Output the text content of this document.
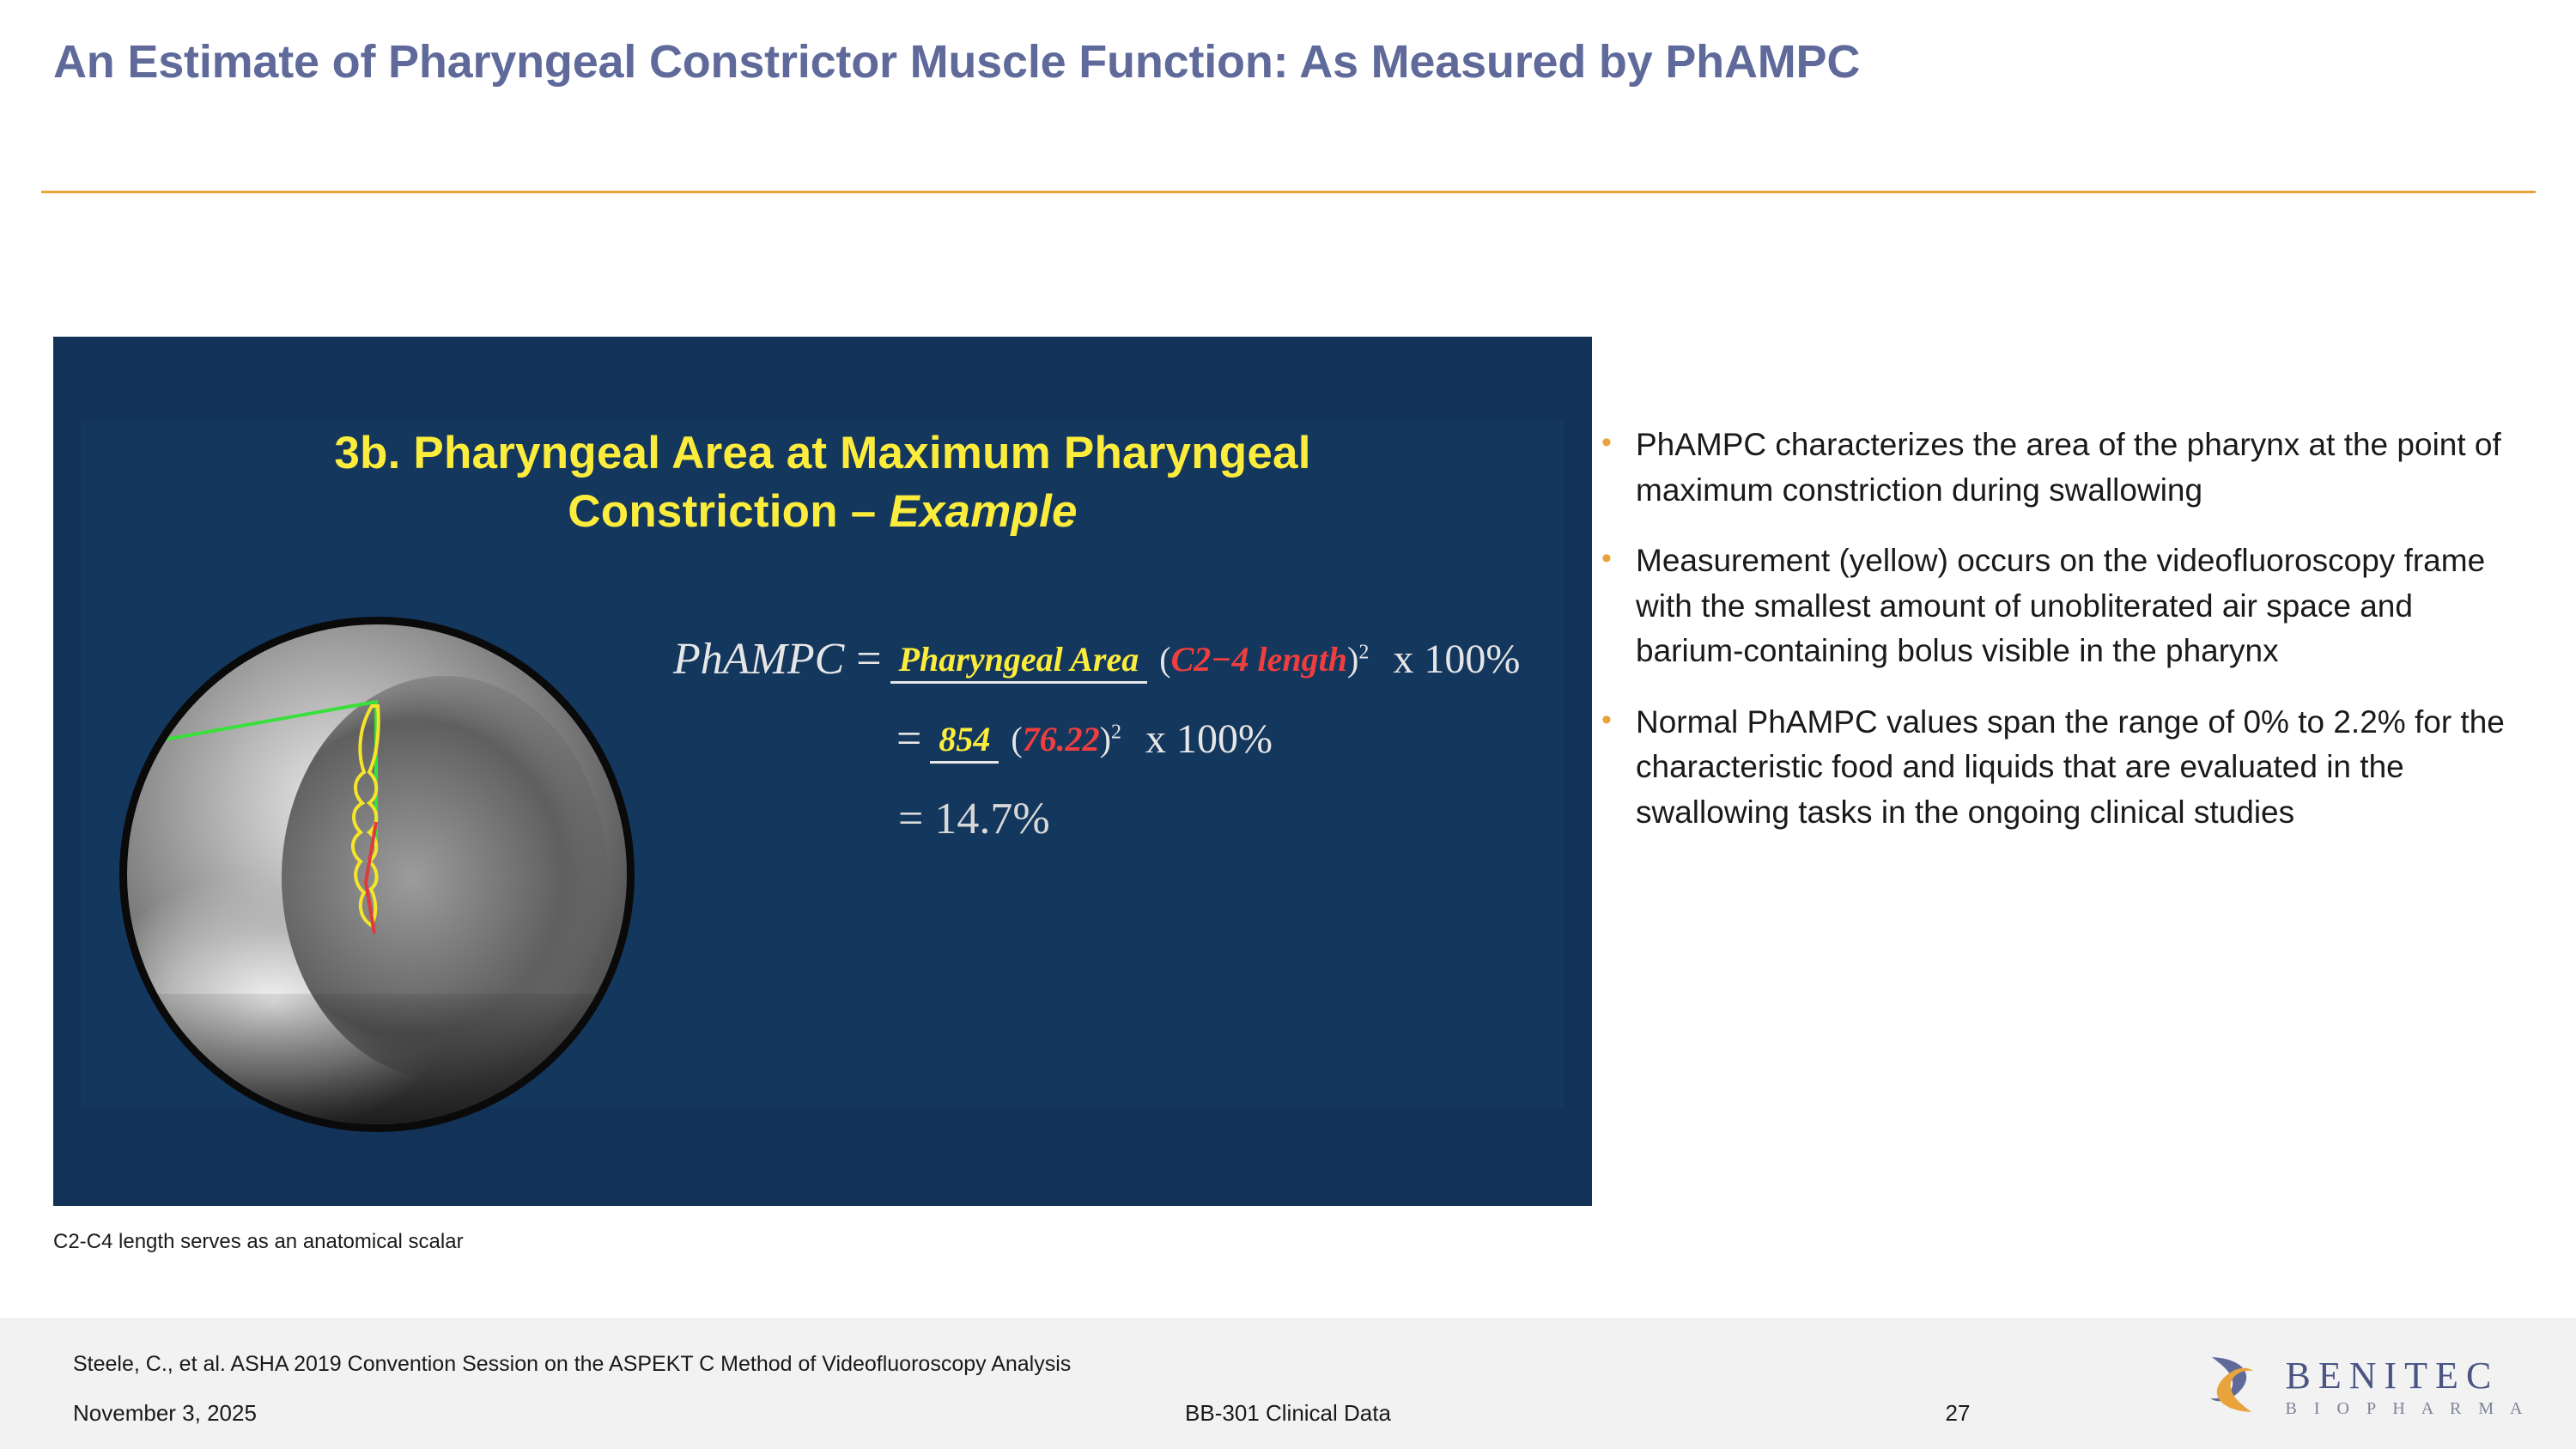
An Estimate of Pharyngeal Constrictor Muscle Function: As Measured by PhAMPC
3b. Pharyngeal Area at Maximum Pharyngeal
Constriction – Example
PhAMPC = Pharyngeal Area (C2−4 length)$^2$ x 100%
= 854 $(76.22)^2$ x 100%
= 14.7%
C2-C4 length serves as an anatomical scalar
• PhAMPC characterizes the area of the pharynx at the point of maximum constriction during swallowing
• Measurement (yellow) occurs on the videofluoroscopy frame with the smallest amount of unobliterated air space and barium-containing bolus visible in the pharynx
• Normal PhAMPC values span the range of 0% to 2.2% for the characteristic food and liquids that are evaluated in the swallowing tasks in the ongoing clinical studies
Steele, C., et al. ASHA 2019 Convention Session on the ASPEKT C Method of Videofluoroscopy Analysis
November 3, 2025	BB-301 Clinical Data	27
BENITEC
B I O P H A R M A
